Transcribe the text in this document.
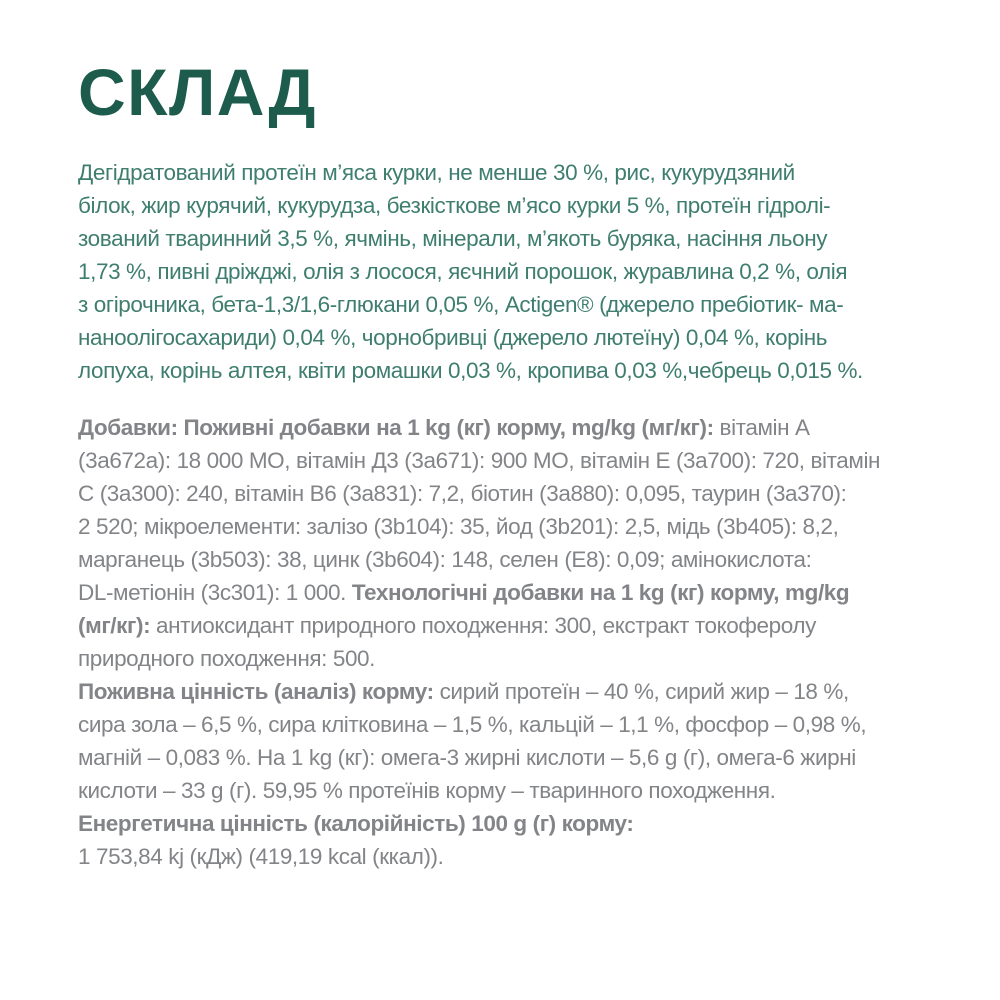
СКЛАД
Дегідратований протеїн м’яса курки, не менше 30 %, рис, кукурудзяний
білок, жир курячий, кукурудза, безкісткове м’ясо курки 5 %, протеїн гідролі-
зований тваринний 3,5 %, ячмінь, мінерали, м’якоть буряка, насіння льону
1,73 %, пивні дріжджі, олія з лосося, яєчний порошок, журавлина 0,2 %, олія
з огірочника, бета-1,3/1,6-глюкани 0,05 %, Actigen® (джерело пребіотик- ма-
наноолігосахариди) 0,04 %, чорнобривці (джерело лютеїну) 0,04 %, корінь
лопуха, корінь алтея, квіти ромашки 0,03 %, кропива 0,03 %,чебрець 0,015 %.
Добавки: Поживні добавки на 1 kg (кг) корму, mg/kg (мг/кг): вітамін А
(3а672а): 18 000 МО, вітамін Д3 (3а671): 900 МО, вітамін Е (3а700): 720, вітамін
С (3а300): 240, вітамін В6 (3а831): 7,2, біотин (3а880): 0,095, таурин (3а370):
2 520; мікроелементи: залізо (3b104): 35, йод (3b201): 2,5, мідь (3b405): 8,2,
марганець (3b503): 38, цинк (3b604): 148, селен (Е8): 0,09; амінокислота:
DL-метіонін (3c301): 1 000. Технологічні добавки на 1 kg (кг) корму, mg/kg
(мг/кг): антиоксидант природного походження: 300, екстракт токоферолу
природного походження: 500.
Поживна цінність (аналіз) корму: сирий протеїн – 40 %, сирий жир – 18 %,
сира зола – 6,5 %, сира клітковина – 1,5 %, кальцій – 1,1 %, фосфор – 0,98 %,
магній – 0,083 %. На 1 kg (кг): омега-3 жирні кислоти – 5,6 g (г), омега-6 жирні
кислоти – 33 g (г). 59,95 % протеїнів корму – тваринного походження.
Енергетична цінність (калорійність) 100 g (г) корму:
1 753,84 kj (кДж) (419,19 kcal (ккал)).
